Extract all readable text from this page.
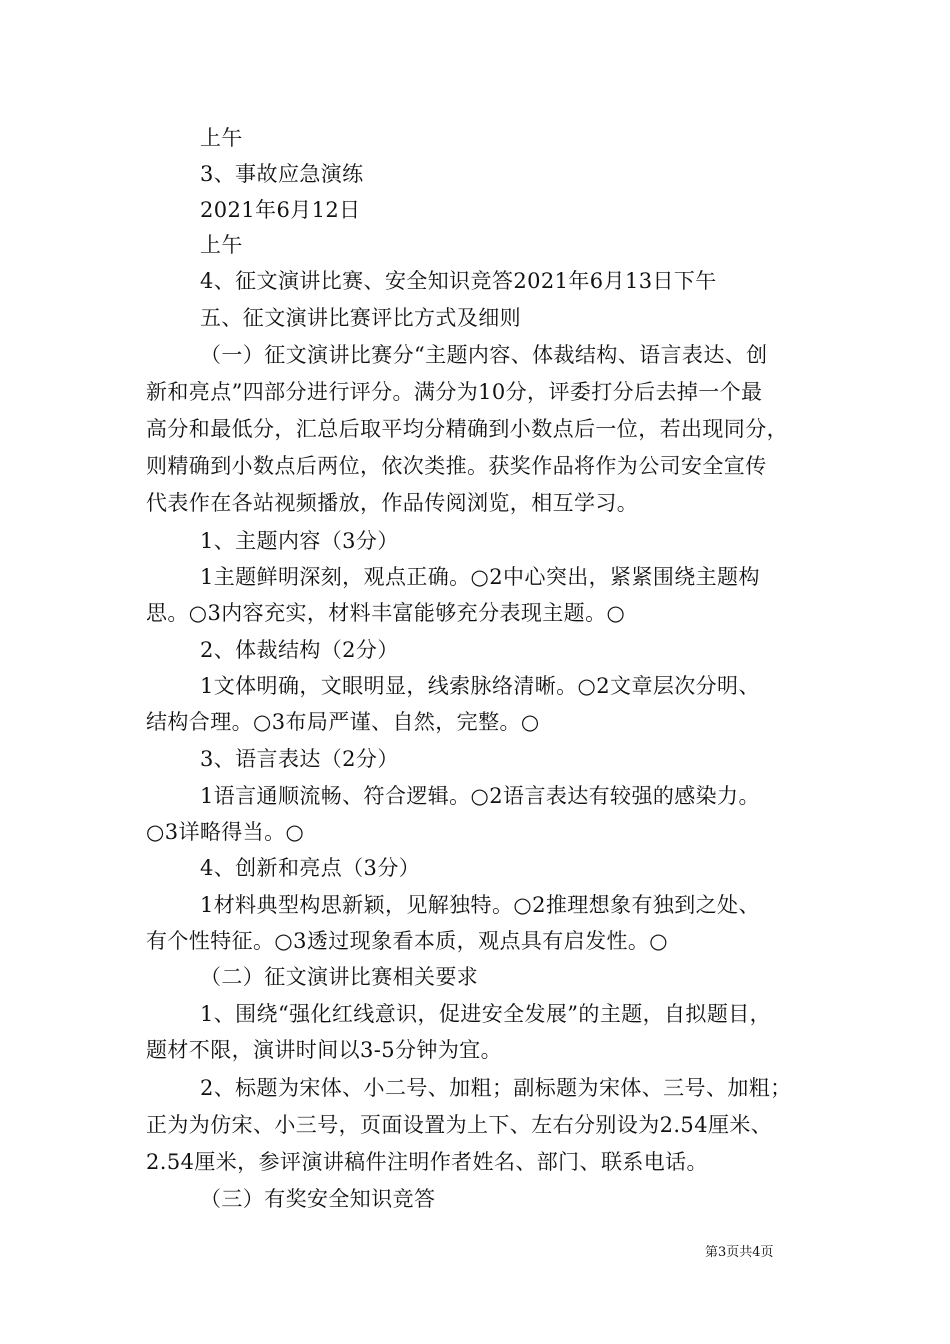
上午
3、事故应急演练
2021年6月12日
上午
4、征文演讲比赛、安全知识竞答2021年6月13日下午
五、征文演讲比赛评比方式及细则
（一）征文演讲比赛分“主题内容、体裁结构、语言表达、创
新和亮点”四部分进行评分。满分为10分，评委打分后去掉一个最
高分和最低分，汇总后取平均分精确到小数点后一位，若出现同分，
则精确到小数点后两位，依次类推。获奖作品将作为公司安全宣传
代表作在各站视频播放，作品传阅浏览，相互学习。
1、主题内容（3分）
1主题鲜明深刻，观点正确。○2中心突出，紧紧围绕主题构
思。○3内容充实，材料丰富能够充分表现主题。○
2、体裁结构（2分）
1文体明确，文眼明显，线索脉络清晰。○2文章层次分明、
结构合理。○3布局严谨、自然，完整。○
3、语言表达（2分）
1语言通顺流畅、符合逻辑。○2语言表达有较强的感染力。
○3详略得当。○
4、创新和亮点（3分）
1材料典型构思新颖，见解独特。○2推理想象有独到之处、
有个性特征。○3透过现象看本质，观点具有启发性。○
（二）征文演讲比赛相关要求
1、围绕“强化红线意识，促进安全发展”的主题，自拟题目，
题材不限，演讲时间以3-5分钟为宜。
2、标题为宋体、小二号、加粗；副标题为宋体、三号、加粗；
正为为仿宋、小三号，页面设置为上下、左右分别设为2.54厘米、
2.54厘米，参评演讲稿件注明作者姓名、部门、联系电话。
（三）有奖安全知识竞答
第3页共4页
